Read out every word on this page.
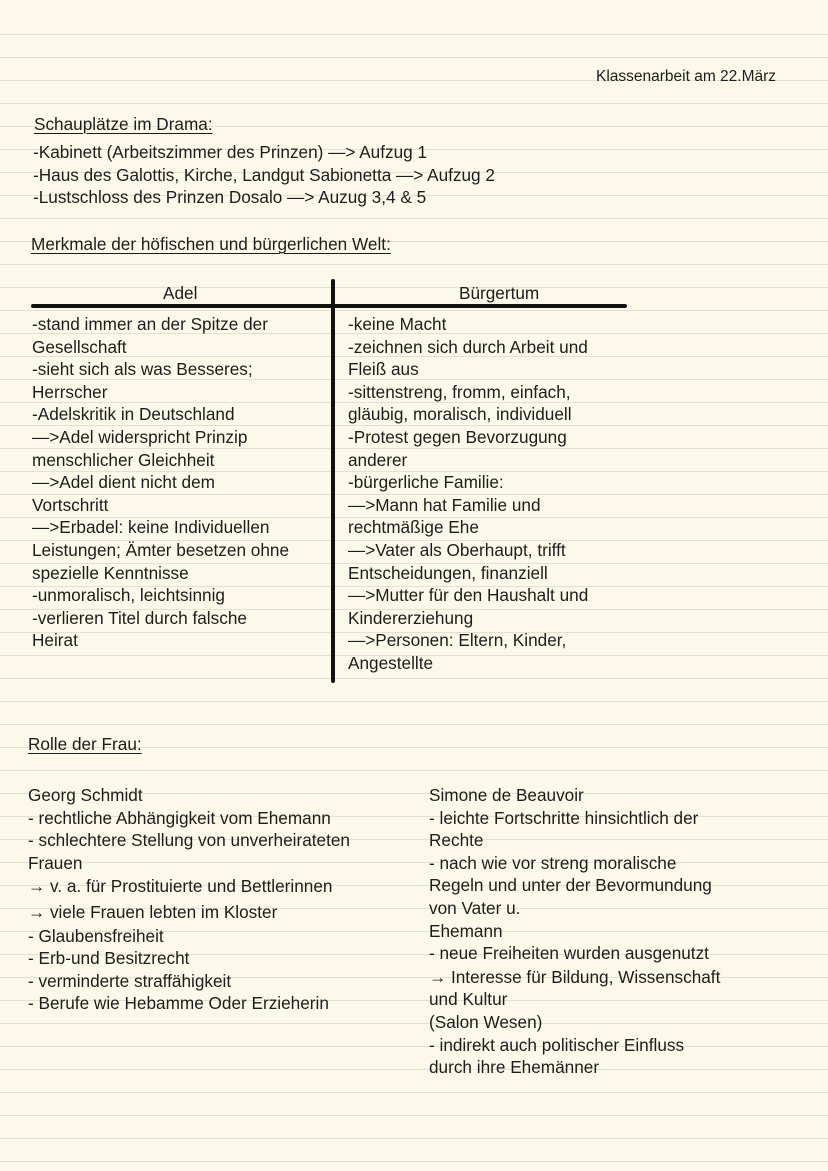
Klassenarbeit am 22.März
Schauplätze im Drama:
-Kabinett (Arbeitszimmer des Prinzen) —> Aufzug 1
-Haus des Galottis, Kirche, Landgut Sabionetta —> Aufzug 2
-Lustschloss des Prinzen Dosalo —> Auzug 3,4 & 5
Merkmale der höfischen und bürgerlichen Welt:
Adel	Bürgertum
-stand immer an der Spitze der
Gesellschaft
-sieht sich als was Besseres;
Herrscher
-Adelskritik in Deutschland
—>Adel widerspricht Prinzip
menschlicher Gleichheit
—>Adel dient nicht dem
Vortschritt
—>Erbadel: keine Individuellen
Leistungen; Ämter besetzen ohne
spezielle Kenntnisse
-unmoralisch, leichtsinnig
-verlieren Titel durch falsche
Heirat
-keine Macht
-zeichnen sich durch Arbeit und
Fleiß aus
-sittenstreng, fromm, einfach,
gläubig, moralisch, individuell
-Protest gegen Bevorzugung
anderer
-bürgerliche Familie:
—>Mann hat Familie und
rechtmäßige Ehe
—>Vater als Oberhaupt, trifft
Entscheidungen, finanziell
—>Mutter für den Haushalt und
Kindererziehung
—>Personen: Eltern, Kinder,
Angestellte
Rolle der Frau:
Georg Schmidt
- rechtliche Abhängigkeit vom Ehemann
- schlechtere Stellung von unverheirateten
Frauen
→ v. a. für Prostituierte und Bettlerinnen
→ viele Frauen lebten im Kloster
- Glaubensfreiheit
- Erb-und Besitzrecht
- verminderte straffähigkeit
- Berufe wie Hebamme Oder Erzieherin
Simone de Beauvoir
- leichte Fortschritte hinsichtlich der
Rechte
- nach wie vor streng moralische
Regeln und unter der Bevormundung
von Vater u.
Ehemann
- neue Freiheiten wurden ausgenutzt
→ Interesse für Bildung, Wissenschaft
und Kultur
(Salon Wesen)
- indirekt auch politischer Einfluss
durch ihre Ehemänner
